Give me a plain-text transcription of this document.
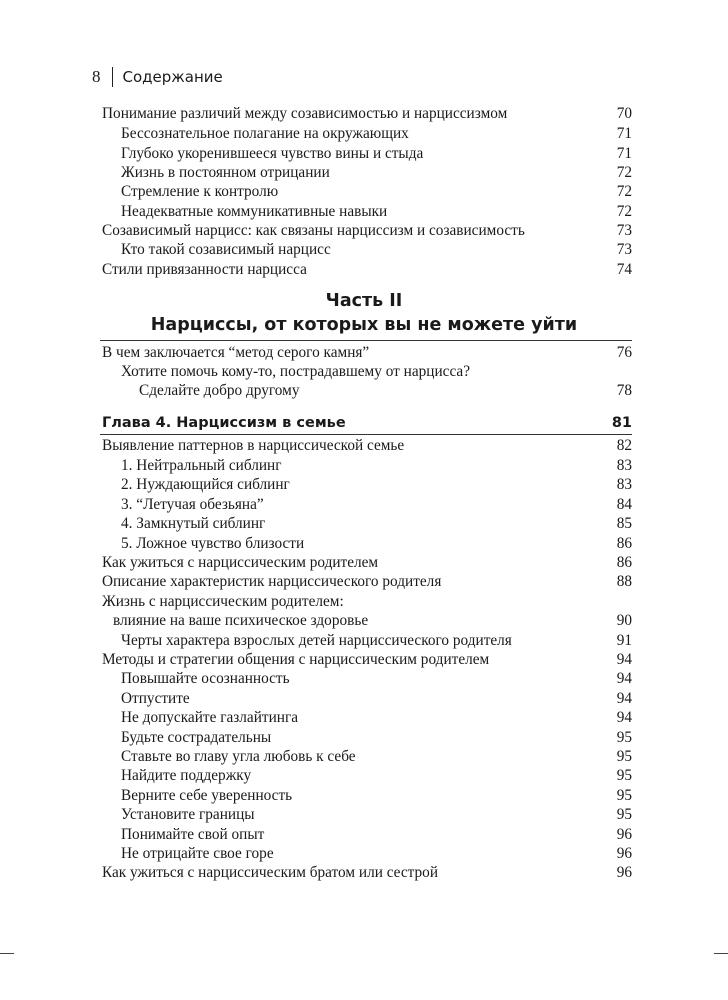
8 Содержание
Понимание различий между созависимостью и нарциссизмом	70
Бессознательное полагание на окружающих	71
Глубоко укоренившееся чувство вины и стыда	71
Жизнь в постоянном отрицании	72
Стремление к контролю	72
Неадекватные коммуникативные навыки	72
Созависимый нарцисс: как связаны нарциссизм и созависимость	73
Кто такой созависимый нарцисс	73
Стили привязанности нарцисса	74
Часть II
Нарциссы, от которых вы не можете уйти
В чем заключается “метод серого камня”	76
Хотите помочь кому-то, пострадавшему от нарцисса?
Сделайте добро другому	78
Глава 4. Нарциссизм в семье	81
Выявление паттернов в нарциссической семье	82
1. Нейтральный сиблинг	83
2. Нуждающийся сиблинг	83
3. “Летучая обезьяна”	84
4. Замкнутый сиблинг	85
5. Ложное чувство близости	86
Как ужиться с нарциссическим родителем	86
Описание характеристик нарциссического родителя	88
Жизнь с нарциссическим родителем:
влияние на ваше психическое здоровье	90
Черты характера взрослых детей нарциссического родителя	91
Методы и стратегии общения с нарциссическим родителем	94
Повышайте осознанность	94
Отпустите	94
Не допускайте газлайтинга	94
Будьте сострадательны	95
Ставьте во главу угла любовь к себе	95
Найдите поддержку	95
Верните себе уверенность	95
Установите границы	95
Понимайте свой опыт	96
Не отрицайте свое горе	96
Как ужиться с нарциссическим братом или сестрой	96
